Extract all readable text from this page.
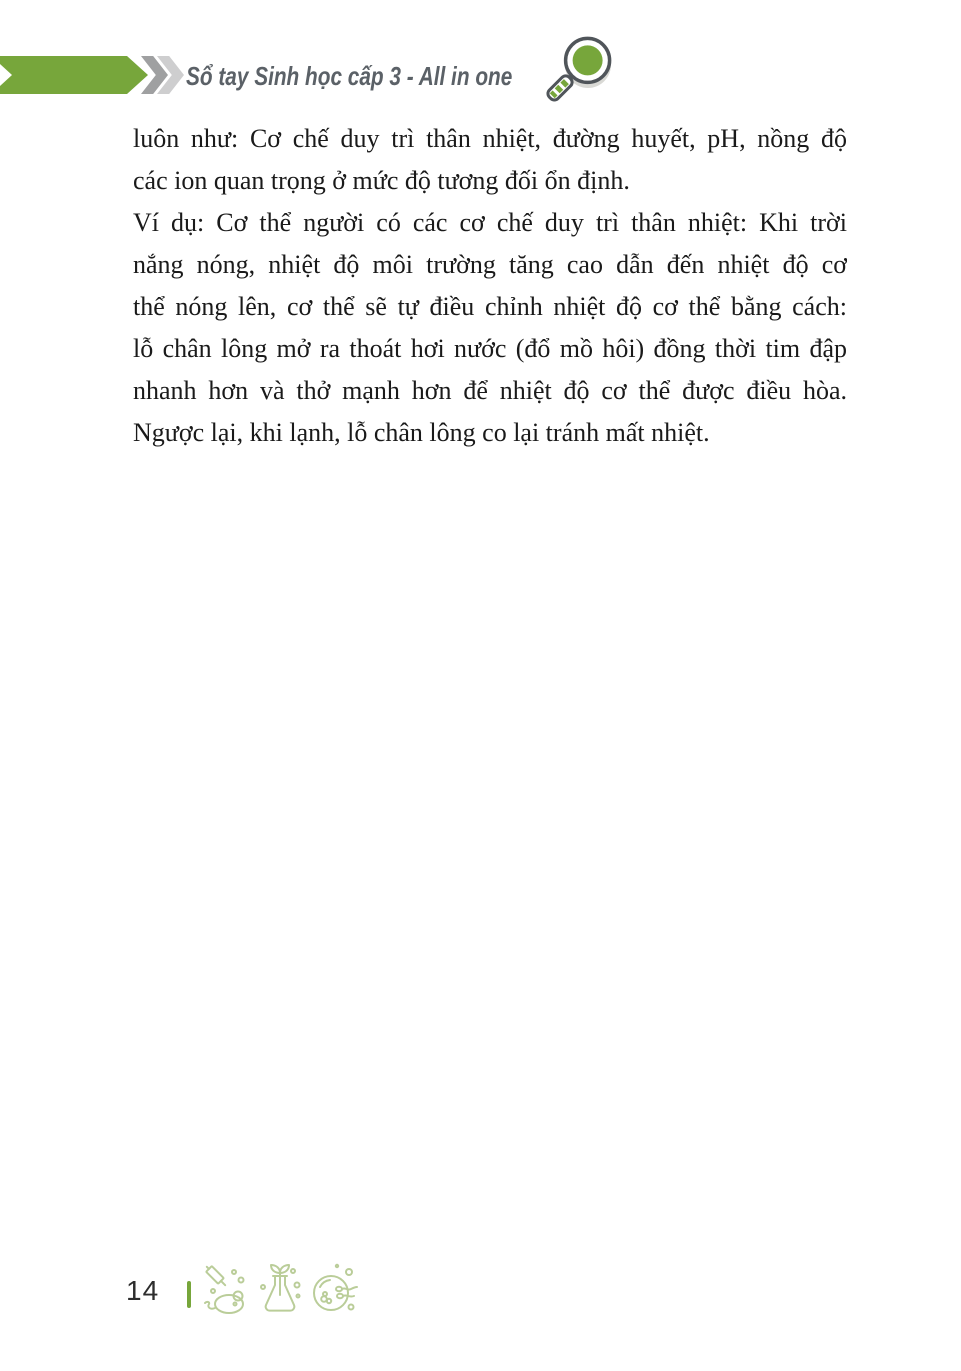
Sổ tay Sinh học cấp 3 - All in one
luôn như: Cơ chế duy trì thân nhiệt, đường huyết, pH, nồng độ
các ion quan trọng ở mức độ tương đối ổn định.
Ví dụ: Cơ thể người có các cơ chế duy trì thân nhiệt: Khi trời
nắng nóng, nhiệt độ môi trường tăng cao dẫn đến nhiệt độ cơ
thể nóng lên, cơ thể sẽ tự điều chỉnh nhiệt độ cơ thể bằng cách:
lỗ chân lông mở ra thoát hơi nước (đổ mồ hôi) đồng thời tim đập
nhanh hơn và thở mạnh hơn để nhiệt độ cơ thể được điều hòa.
Ngược lại, khi lạnh, lỗ chân lông co lại tránh mất nhiệt.
14
